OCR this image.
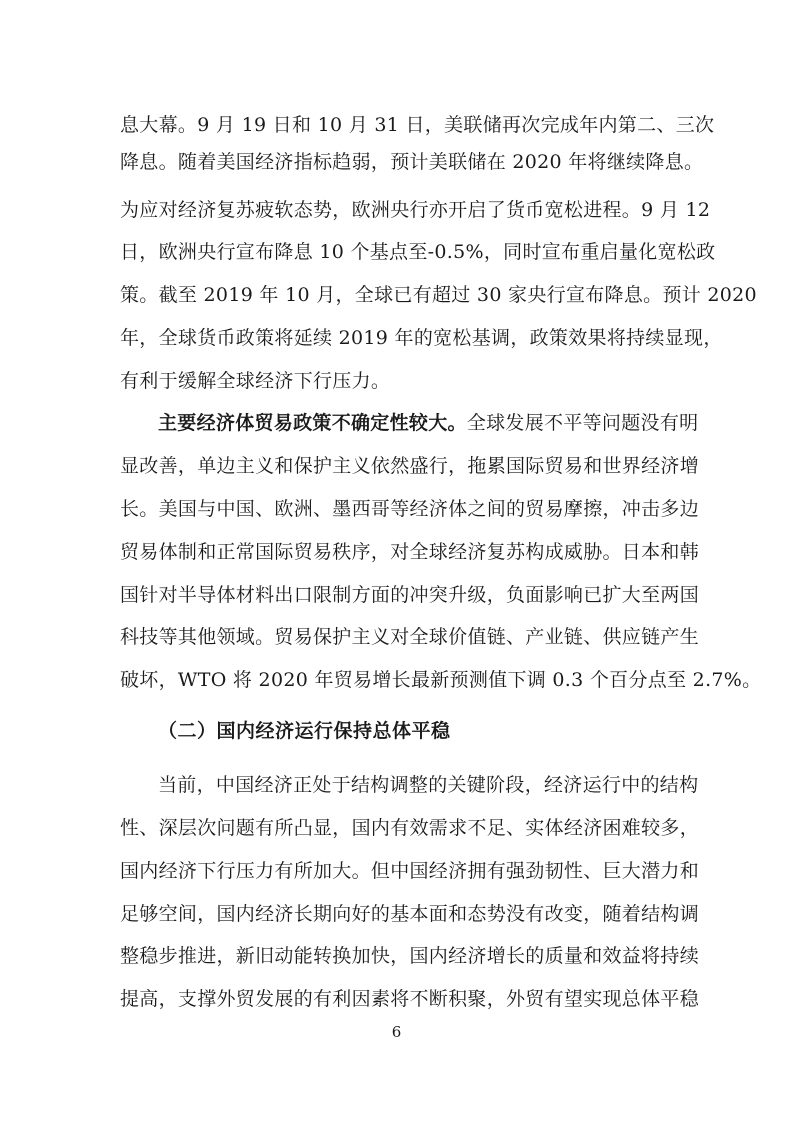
息大幕。9 月 19 日和 10 月 31 日，美联储再次完成年内第二、三次
降息。随着美国经济指标趋弱，预计美联储在 2020 年将继续降息。
为应对经济复苏疲软态势，欧洲央行亦开启了货币宽松进程。9 月 12
日，欧洲央行宣布降息 10 个基点至-0.5%，同时宣布重启量化宽松政
策。截至 2019 年 10 月，全球已有超过 30 家央行宣布降息。预计 2020
年，全球货币政策将延续 2019 年的宽松基调，政策效果将持续显现，
有利于缓解全球经济下行压力。
主要经济体贸易政策不确定性较大。全球发展不平等问题没有明
显改善，单边主义和保护主义依然盛行，拖累国际贸易和世界经济增
长。美国与中国、欧洲、墨西哥等经济体之间的贸易摩擦，冲击多边
贸易体制和正常国际贸易秩序，对全球经济复苏构成威胁。日本和韩
国针对半导体材料出口限制方面的冲突升级，负面影响已扩大至两国
科技等其他领域。贸易保护主义对全球价值链、产业链、供应链产生
破坏，WTO 将 2020 年贸易增长最新预测值下调 0.3 个百分点至 2.7%。
（二）国内经济运行保持总体平稳
当前，中国经济正处于结构调整的关键阶段，经济运行中的结构
性、深层次问题有所凸显，国内有效需求不足、实体经济困难较多，
国内经济下行压力有所加大。但中国经济拥有强劲韧性、巨大潜力和
足够空间，国内经济长期向好的基本面和态势没有改变，随着结构调
整稳步推进，新旧动能转换加快，国内经济增长的质量和效益将持续
提高，支撑外贸发展的有利因素将不断积聚，外贸有望实现总体平稳
6
